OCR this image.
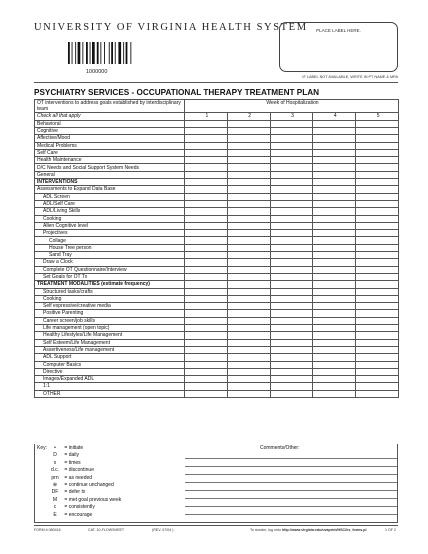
UNIVERSITY OF VIRGINIA HEALTH SYSTEM
1000000
PLACE LABEL HERE.
IF LABEL NOT AVAILABLE, WRITE IN PT NAME & MR#
PSYCHIATRY SERVICES - OCCUPATIONAL THERAPY TREATMENT PLAN
OT interventions to address goals established by interdisciplinary team	Week of Hospitalization				
Check all that apply	1	2	3	4	5
Behavioral					
Cognitive					
Affective/Mood					
Medical Problems					
Self Care					
Health Maintenance					
D/C Needs and Social Support System Needs					
General					
INTERVENTIONS					
Assessments to Expand Data Base					
ADL Screen					
ADL/Self Care					
ADL/Living Skills					
Cooking					
Allen Cognitive level					
Projectives					
Collage					
House Tree person					
Sand Tray					
Draw a Clock					
Complete OT Questionnaire/Interview					
Set Goals for OT Tx					
TREATMENT MODALITIES (estimate frequency)					
Structured tasks/crafts					
Cooking					
Self expressive/creative media					
Positive Parenting					
Career screen/job skills					
Life management (open topic)					
Healthy Lifestyles/Life Management					
Self Esteem/Life Management					
Assertiveness/Life management					
ADL Support					
Computer Basics					
Directive					
Images/Expanded ADL					
1:1					
OTHER					
Key: • = initiate
D = daily
x = times
d.c. = discontinue
prn = as needed
⊕ = continue unchanged
DF = defer tx
M = met goal previous week
c = consistently
E = encourage
Comments/Other:
FORM # 080416	CAT. 10-FLOWSHEET	(REV. 07/04 )	To reorder, log onto http://www.virginia.edu/uvaprint/HSC/hs_forms.pl	1 OF 2
